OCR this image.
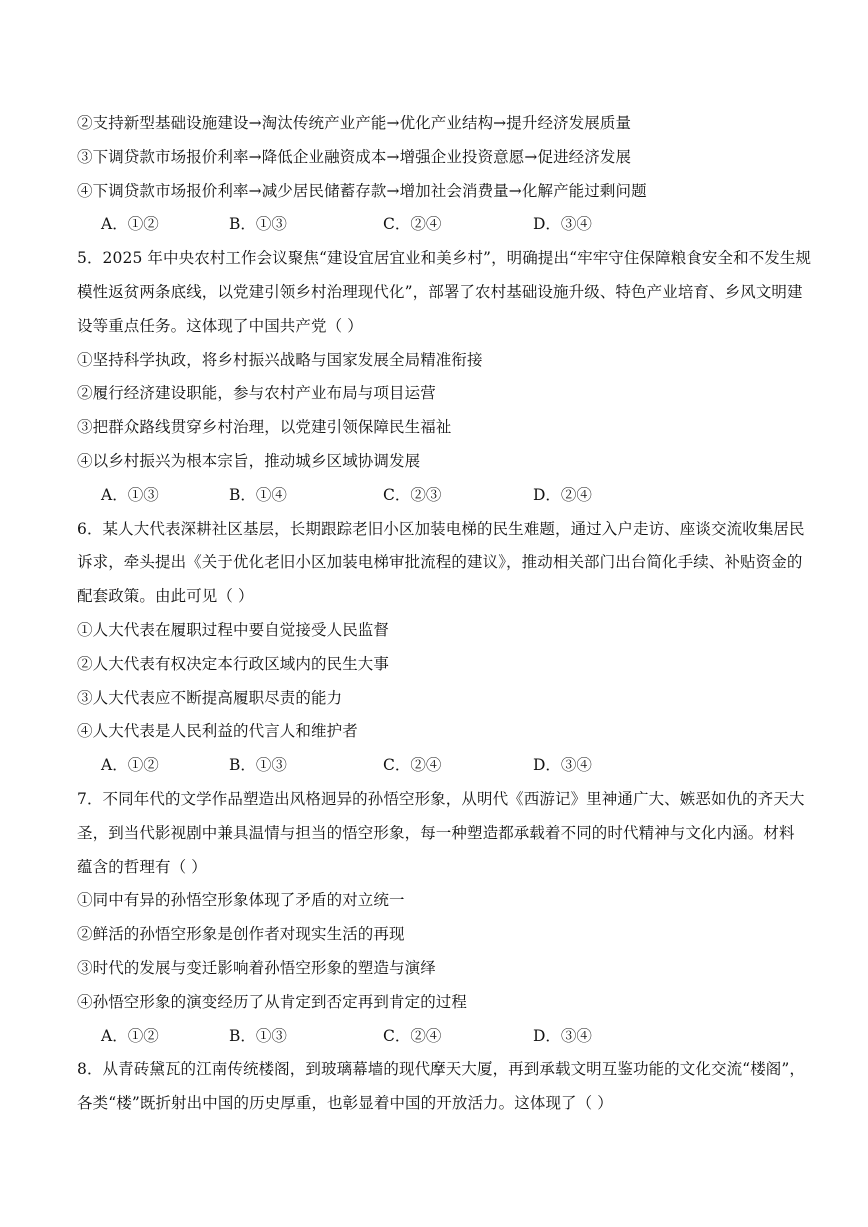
②支持新型基础设施建设→淘汰传统产业产能→优化产业结构→提升经济发展质量
③下调贷款市场报价利率→降低企业融资成本→增强企业投资意愿→促进经济发展
④下调贷款市场报价利率→减少居民储蓄存款→增加社会消费量→化解产能过剩问题
A．①②	B．①③	C．②④	D．③④
5．2025 年中央农村工作会议聚焦“建设宜居宜业和美乡村”，明确提出“牢牢守住保障粮食安全和不发生规
模性返贫两条底线，以党建引领乡村治理现代化”，部署了农村基础设施升级、特色产业培育、乡风文明建
设等重点任务。这体现了中国共产党（ ）
①坚持科学执政，将乡村振兴战略与国家发展全局精准衔接
②履行经济建设职能，参与农村产业布局与项目运营
③把群众路线贯穿乡村治理，以党建引领保障民生福祉
④以乡村振兴为根本宗旨，推动城乡区域协调发展
A．①③	B．①④	C．②③	D．②④
6．某人大代表深耕社区基层，长期跟踪老旧小区加装电梯的民生难题，通过入户走访、座谈交流收集居民
诉求，牵头提出《关于优化老旧小区加装电梯审批流程的建议》，推动相关部门出台简化手续、补贴资金的
配套政策。由此可见（ ）
①人大代表在履职过程中要自觉接受人民监督
②人大代表有权决定本行政区域内的民生大事
③人大代表应不断提高履职尽责的能力
④人大代表是人民利益的代言人和维护者
A．①②	B．①③	C．②④	D．③④
7．不同年代的文学作品塑造出风格迥异的孙悟空形象，从明代《西游记》里神通广大、嫉恶如仇的齐天大
圣，到当代影视剧中兼具温情与担当的悟空形象，每一种塑造都承载着不同的时代精神与文化内涵。材料
蕴含的哲理有（ ）
①同中有异的孙悟空形象体现了矛盾的对立统一
②鲜活的孙悟空形象是创作者对现实生活的再现
③时代的发展与变迁影响着孙悟空形象的塑造与演绎
④孙悟空形象的演变经历了从肯定到否定再到肯定的过程
A．①②	B．①③	C．②④	D．③④
8．从青砖黛瓦的江南传统楼阁，到玻璃幕墙的现代摩天大厦，再到承载文明互鉴功能的文化交流“楼阁”，
各类“楼”既折射出中国的历史厚重，也彰显着中国的开放活力。这体现了（ ）
